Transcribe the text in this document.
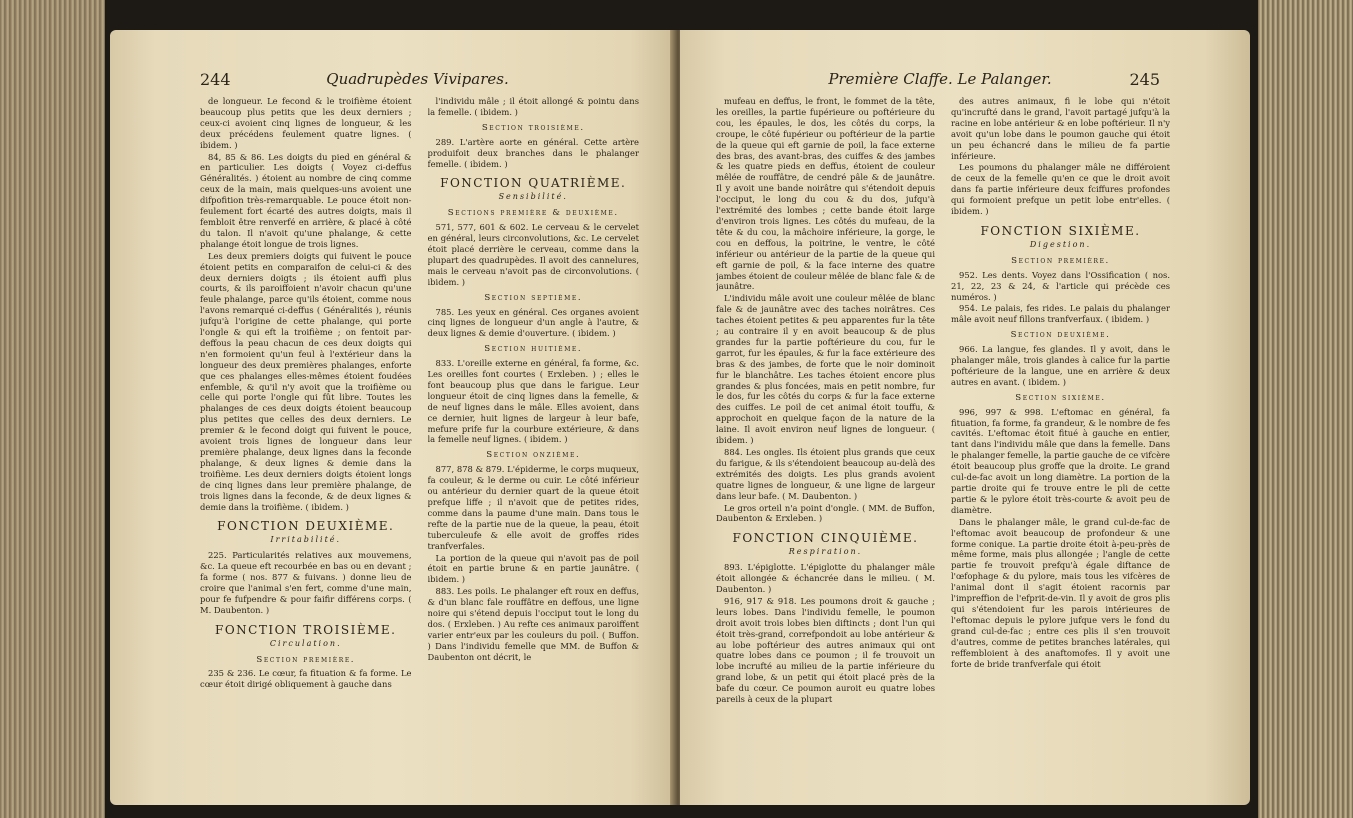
244	Quadrupèdes Vivipares.

de longueur. Le fecond & le troifième étoient beaucoup plus petits que les deux derniers ; ceux-ci avoient cinq lignes de longueur, & les deux précédens feulement quatre lignes. ( ibidem. )

84, 85 & 86. Les doigts du pied en général & en particulier. Les doigts ( Voyez ci-deffus Généralités. ) étoient au nombre de cinq comme ceux de la main, mais quelques-uns avoient une difpofition très-remarquable. Le pouce étoit non-feulement fort écarté des autres doigts, mais il fembloit être renverfé en arrière, & placé à côté du talon. Il n'avoit qu'une phalange, & cette phalange étoit longue de trois lignes.

Les deux premiers doigts qui fuivent le pouce étoient petits en comparaifon de celui-ci & des deux derniers doigts ; ils étoient auffi plus courts, & ils paroiffoient n'avoir chacun qu'une feule phalange, parce qu'ils étoient, comme nous l'avons remarqué ci-deffus ( Généralités ), réunis jufqu'à l'origine de cette phalange, qui porte l'ongle & qui eft la troifième ; on fentoit par-deffous la peau chacun de ces deux doigts qui n'en formoient qu'un feul à l'extérieur dans la longueur des deux premières phalanges, enforte que ces phalanges elles-mêmes étoient foudées enfemble, & qu'il n'y avoit que la troifième ou celle qui porte l'ongle qui fût libre. Toutes les phalanges de ces deux doigts étoient beaucoup plus petites que celles des deux derniers. Le premier & le fecond doigt qui fuivent le pouce, avoient trois lignes de longueur dans leur première phalange, deux lignes dans la feconde phalange, & deux lignes & demie dans la troifième. Les deux derniers doigts étoient longs de cinq lignes dans leur première phalange, de trois lignes dans la feconde, & de deux lignes & demie dans la troifième. ( ibidem. )

FONCTION DEUXIÈME.
Irritabilité.

225. Particularités relatives aux mouvemens, &c. La queue eft recourbée en bas ou en devant ; fa forme ( nos. 877 & fuivans. ) donne lieu de croire que l'animal s'en fert, comme d'une main, pour fe fufpendre & pour faifir différens corps. ( M. Daubenton. )

FONCTION TROISIÈME.
Circulation.
Section première.

235 & 236. Le cœur, fa fituation & fa forme. Le cœur étoit dirigé obliquement à gauche dans

l'individu mâle ; il étoit allongé & pointu dans la femelle. ( ibidem. )

Section troisième.

289. L'artère aorte en général. Cette artère produifoit deux branches dans le phalanger femelle. ( ibidem. )

FONCTION QUATRIÈME.
Sensibilité.
Sections première & deuxième.

571, 577, 601 & 602. Le cerveau & le cervelet en général, leurs circonvolutions, &c. Le cervelet étoit placé derrière le cerveau, comme dans la plupart des quadrupèdes. Il avoit des cannelures, mais le cerveau n'avoit pas de circonvolutions. ( ibidem. )

Section septième.

785. Les yeux en général. Ces organes avoient cinq lignes de longueur d'un angle à l'autre, & deux lignes & demie d'ouverture. ( ibidem. )

Section huitième.

833. L'oreille externe en général, fa forme, &c. Les oreilles font courtes ( Erxleben. ) ; elles le font beaucoup plus que dans le farigue. Leur longueur étoit de cinq lignes dans la femelle, & de neuf lignes dans le mâle. Elles avoient, dans ce dernier, huit lignes de largeur à leur bafe, mefure prife fur la courbure extérieure, & dans la femelle neuf lignes. ( ibidem. )

Section onzième.

877, 878 & 879. L'épiderme, le corps muqueux, fa couleur, & le derme ou cuir. Le côté inférieur ou antérieur du dernier quart de la queue étoit prefque liffe ; il n'avoit que de petites rides, comme dans la paume d'une main. Dans tous le refte de la partie nue de la queue, la peau, étoit tuberculeufe & elle avoit de groffes rides tranfverfales.

La portion de la queue qui n'avoit pas de poil étoit en partie brune & en partie jaunâtre. ( ibidem. )

883. Les poils. Le phalanger eft roux en deffus, & d'un blanc fale rouffâtre en deffous, une ligne noire qui s'étend depuis l'occiput tout le long du dos. ( Erxleben. ) Au refte ces animaux paroiffent varier entr'eux par les couleurs du poil. ( Buffon. ) Dans l'individu femelle que MM. de Buffon & Daubenton ont décrit, le

Première Claffe. Le Palanger.	245

mufeau en deffus, le front, le fommet de la tête, les oreilles, la partie fupérieure ou poftérieure du cou, les épaules, le dos, les côtés du corps, la croupe, le côté fupérieur ou poftérieur de la partie de la queue qui eft garnie de poil, la face externe des bras, des avant-bras, des cuiffes & des jambes & les quatre pieds en deffus, étoient de couleur mêlée de rouffâtre, de cendré pâle & de jaunâtre. Il y avoit une bande noirâtre qui s'étendoit depuis l'occiput, le long du cou & du dos, jufqu'à l'extrémité des lombes ; cette bande étoit large d'environ trois lignes. Les côtés du mufeau, de la tête & du cou, la mâchoire inférieure, la gorge, le cou en deffous, la poitrine, le ventre, le côté inférieur ou antérieur de la partie de la queue qui eft garnie de poil, & la face interne des quatre jambes étoient de couleur mêlée de blanc fale & de jaunâtre.

L'individu mâle avoit une couleur mêlée de blanc fale & de jaunâtre avec des taches noirâtres. Ces taches étoient petites & peu apparentes fur la tête ; au contraire il y en avoit beaucoup & de plus grandes fur la partie poftérieure du cou, fur le garrot, fur les épaules, & fur la face extérieure des bras & des jambes, de forte que le noir dominoit fur le blanchâtre. Les taches étoient encore plus grandes & plus foncées, mais en petit nombre, fur le dos, fur les côtés du corps & fur la face externe des cuiffes. Le poil de cet animal étoit touffu, & approchoit en quelque façon de la nature de la laine. Il avoit environ neuf lignes de longueur. ( ibidem. )

884. Les ongles. Ils étoient plus grands que ceux du farigue, & ils s'étendoient beaucoup au-delà des extrémités des doigts. Les plus grands avoient quatre lignes de longueur, & une ligne de largeur dans leur bafe. ( M. Daubenton. )

Le gros orteil n'a point d'ongle. ( MM. de Buffon, Daubenton & Erxleben. )

FONCTION CINQUIÈME.
Respiration.

893. L'épiglotte. L'épiglotte du phalanger mâle étoit allongée & échancrée dans le milieu. ( M. Daubenton. )

916, 917 & 918. Les poumons droit & gauche ; leurs lobes. Dans l'individu femelle, le poumon droit avoit trois lobes bien diftincts ; dont l'un qui étoit très-grand, correfpondoit au lobe antérieur & au lobe poftérieur des autres animaux qui ont quatre lobes dans ce poumon ; il fe trouvoit un lobe incrufté au milieu de la partie inférieure du grand lobe, & un petit qui étoit placé près de la bafe du cœur. Ce poumon auroit eu quatre lobes pareils à ceux de la plupart

des autres animaux, fi le lobe qui n'étoit qu'incrufté dans le grand, l'avoit partagé jufqu'à la racine en lobe antérieur & en lobe poftérieur. Il n'y avoit qu'un lobe dans le poumon gauche qui étoit un peu échancré dans le milieu de fa partie inférieure.

Les poumons du phalanger mâle ne différoient de ceux de la femelle qu'en ce que le droit avoit dans fa partie inférieure deux fciffures profondes qui formoient prefque un petit lobe entr'elles. ( ibidem. )

FONCTION SIXIÈME.
Digestion.
Section première.

952. Les dents. Voyez dans l'Ossification ( nos. 21, 22, 23 & 24, & l'article qui précède ces numéros. )

954. Le palais, fes rides. Le palais du phalanger mâle avoit neuf fillons tranfverfaux. ( ibidem. )

Section deuxième.

966. La langue, fes glandes. Il y avoit, dans le phalanger mâle, trois glandes à calice fur la partie poftérieure de la langue, une en arrière & deux autres en avant. ( ibidem. )

Section sixième.

996, 997 & 998. L'eftomac en général, fa fituation, fa forme, fa grandeur, & le nombre de fes cavités. L'eftomac étoit fitué à gauche en entier, tant dans l'individu mâle que dans la femelle. Dans le phalanger femelle, la partie gauche de ce vifcère étoit beaucoup plus groffe que la droite. Le grand cul-de-fac avoit un long diamètre. La portion de la partie droite qui fe trouve entre le pli de cette partie & le pylore étoit très-courte & avoit peu de diamètre.

Dans le phalanger mâle, le grand cul-de-fac de l'eftomac avoit beaucoup de profondeur & une forme conique. La partie droite étoit à-peu-près de même forme, mais plus allongée ; l'angle de cette partie fe trouvoit prefqu'à égale diftance de l'œfophage & du pylore, mais tous les vifcères de l'animal dont il s'agit étoient racornis par l'impreffion de l'efprit-de-vin. Il y avoit de gros plis qui s'étendoient fur les parois intérieures de l'eftomac depuis le pylore jufque vers le fond du grand cul-de-fac ; entre ces plis il s'en trouvoit d'autres, comme de petites branches latérales, qui reffembloient à des anaftomofes. Il y avoit une forte de bride tranfverfale qui étoit
